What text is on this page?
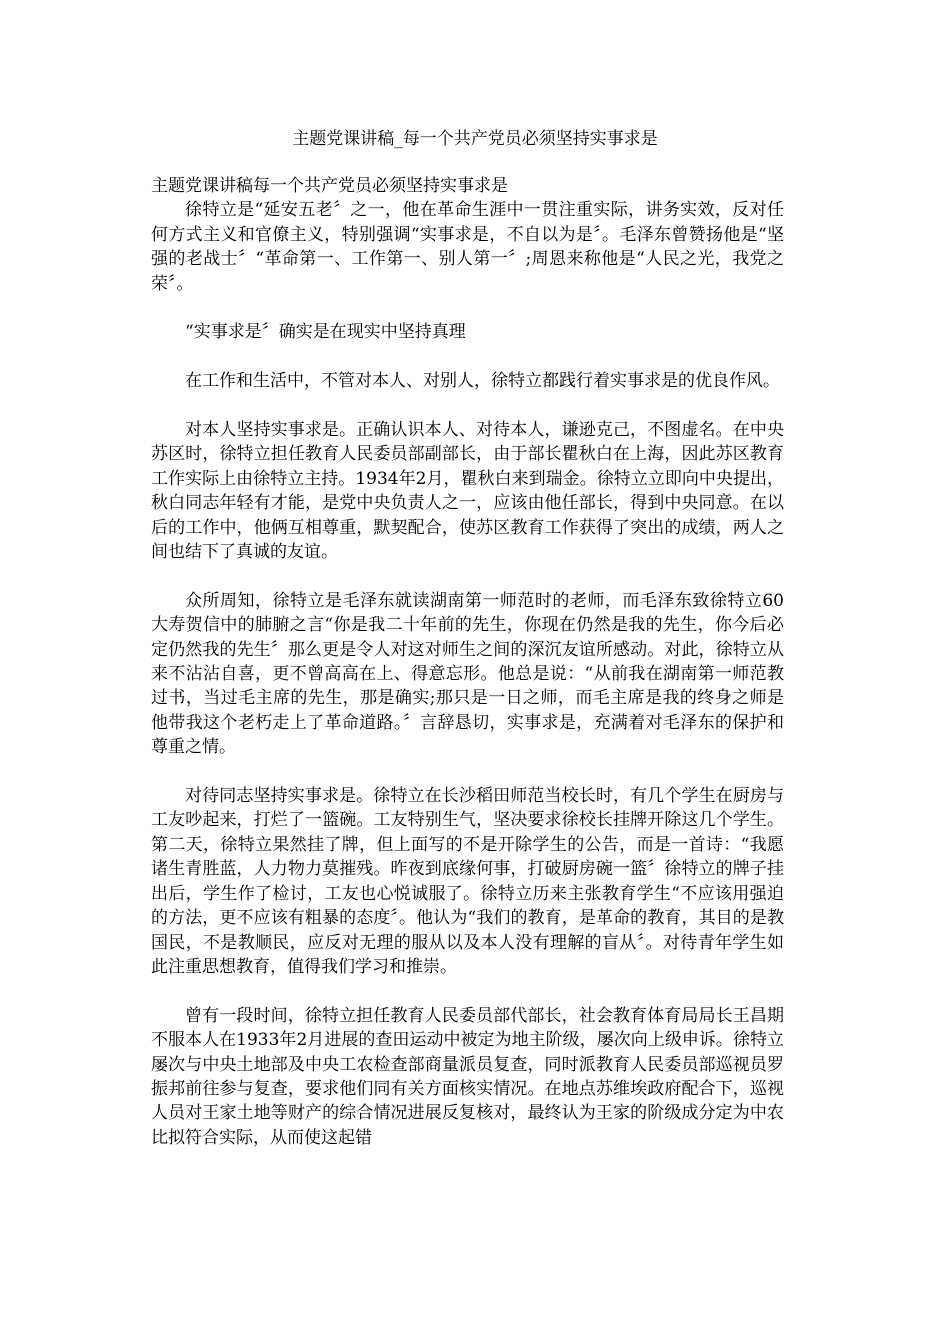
主题党课讲稿_每一个共产党员必须坚持实事求是

主题党课讲稿每一个共产党员必须坚持实事求是

徐特立是“延安五老〞之一，他在革命生涯中一贯注重实际，讲务实效，反对任何方式主义和官僚主义，特别强调“实事求是，不自以为是〞。毛泽东曾赞扬他是“坚强的老战士〞“革命第一、工作第一、别人第一〞;周恩来称他是“人民之光，我党之荣〞。

“实事求是〞确实是在现实中坚持真理

在工作和生活中，不管对本人、对别人，徐特立都践行着实事求是的优良作风。

对本人坚持实事求是。正确认识本人、对待本人，谦逊克己，不图虚名。在中央苏区时，徐特立担任教育人民委员部副部长，由于部长瞿秋白在上海，因此苏区教育工作实际上由徐特立主持。1934年2月，瞿秋白来到瑞金。徐特立立即向中央提出，秋白同志年轻有才能，是党中央负责人之一，应该由他任部长，得到中央同意。在以后的工作中，他俩互相尊重，默契配合，使苏区教育工作获得了突出的成绩，两人之间也结下了真诚的友谊。

众所周知，徐特立是毛泽东就读湖南第一师范时的老师，而毛泽东致徐特立60大寿贺信中的肺腑之言“你是我二十年前的先生，你现在仍然是我的先生，你今后必定仍然我的先生〞那么更是令人对这对师生之间的深沉友谊所感动。对此，徐特立从来不沾沾自喜，更不曾高高在上、得意忘形。他总是说：“从前我在湖南第一师范教过书，当过毛主席的先生，那是确实;那只是一日之师，而毛主席是我的终身之师是他带我这个老朽走上了革命道路。〞言辞恳切，实事求是，充满着对毛泽东的保护和尊重之情。

对待同志坚持实事求是。徐特立在长沙稻田师范当校长时，有几个学生在厨房与工友吵起来，打烂了一篮碗。工友特别生气，坚决要求徐校长挂牌开除这几个学生。第二天，徐特立果然挂了牌，但上面写的不是开除学生的公告，而是一首诗：“我愿诸生青胜蓝，人力物力莫摧残。昨夜到底缘何事，打破厨房碗一篮〞徐特立的牌子挂出后，学生作了检讨，工友也心悦诚服了。徐特立历来主张教育学生“不应该用强迫的方法，更不应该有粗暴的态度〞。他认为“我们的教育，是革命的教育，其目的是教国民，不是教顺民，应反对无理的服从以及本人没有理解的盲从〞。对待青年学生如此注重思想教育，值得我们学习和推崇。

曾有一段时间，徐特立担任教育人民委员部代部长，社会教育体育局局长王昌期不服本人在1933年2月进展的查田运动中被定为地主阶级，屡次向上级申诉。徐特立屡次与中央土地部及中央工农检查部商量派员复查，同时派教育人民委员部巡视员罗振邦前往参与复查，要求他们同有关方面核实情况。在地点苏维埃政府配合下，巡视人员对王家土地等财产的综合情况进展反复核对，最终认为王家的阶级成分定为中农比拟符合实际，从而使这起错
